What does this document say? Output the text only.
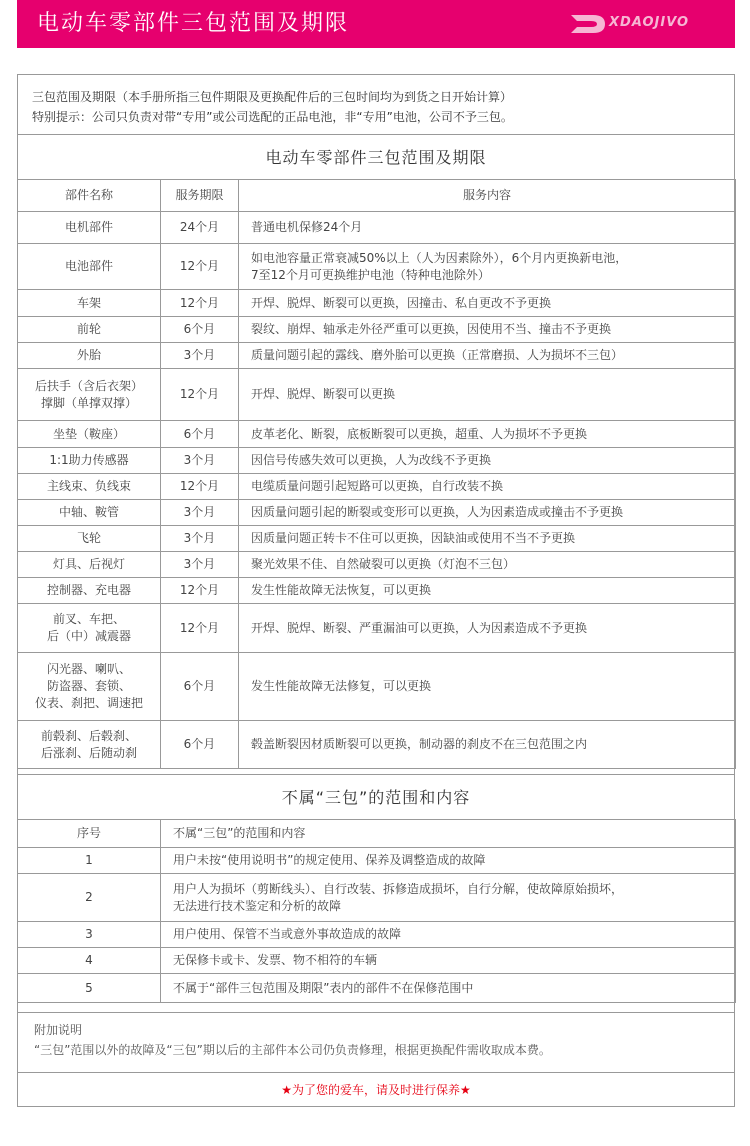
电动车零部件三包范围及期限	XDAOJIVO
三包范围及期限（本手册所指三包件期限及更换配件后的三包时间均为到货之日开始计算）
特别提示：公司只负责对带“专用”或公司选配的正品电池，非“专用”电池，公司不予三包。
电动车零部件三包范围及期限
部件名称	服务期限	服务内容
电机部件	24个月	普通电机保修24个月
电池部件	12个月	如电池容量正常衰减50%以上（人为因素除外），6个月内更换新电池，
7至12个月可更换维护电池（特种电池除外）
车架	12个月	开焊、脱焊、断裂可以更换，因撞击、私自更改不予更换
前轮	6个月	裂纹、崩焊、轴承走外径严重可以更换，因使用不当、撞击不予更换
外胎	3个月	质量问题引起的露线、磨外胎可以更换（正常磨损、人为损坏不三包）
后扶手（含后衣架）
撑脚（单撑双撑）	12个月	开焊、脱焊、断裂可以更换
坐垫（鞍座）	6个月	皮革老化、断裂，底板断裂可以更换，超重、人为损坏不予更换
1:1助力传感器	3个月	因信号传感失效可以更换，人为改线不予更换
主线束、负线束	12个月	电缆质量问题引起短路可以更换，自行改装不换
中轴、鞍管	3个月	因质量问题引起的断裂或变形可以更换，人为因素造成或撞击不予更换
飞轮	3个月	因质量问题正转卡不住可以更换，因缺油或使用不当不予更换
灯具、后视灯	3个月	聚光效果不佳、自然破裂可以更换（灯泡不三包）
控制器、充电器	12个月	发生性能故障无法恢复，可以更换
前叉、车把、
后（中）减震器	12个月	开焊、脱焊、断裂、严重漏油可以更换，人为因素造成不予更换
闪光器、喇叭、
防盗器、套锁、
仪表、刹把、调速把	6个月	发生性能故障无法修复，可以更换
前毂刹、后毂刹、
后涨刹、后随动刹	6个月	毂盖断裂因材质断裂可以更换，制动器的刹皮不在三包范围之内
不属“三包”的范围和内容
序号	不属“三包”的范围和内容
1	用户未按“使用说明书”的规定使用、保养及调整造成的故障
2	用户人为损坏（剪断线头）、自行改装、拆修造成损坏，自行分解，使故障原始损坏，
无法进行技术鉴定和分析的故障
3	用户使用、保管不当或意外事故造成的故障
4	无保修卡或卡、发票、物不相符的车辆
5	不属于“部件三包范围及期限”表内的部件不在保修范围中
附加说明
“三包”范围以外的故障及“三包”期以后的主部件本公司仍负责修理，根据更换配件需收取成本费。
★为了您的爱车，请及时进行保养★
